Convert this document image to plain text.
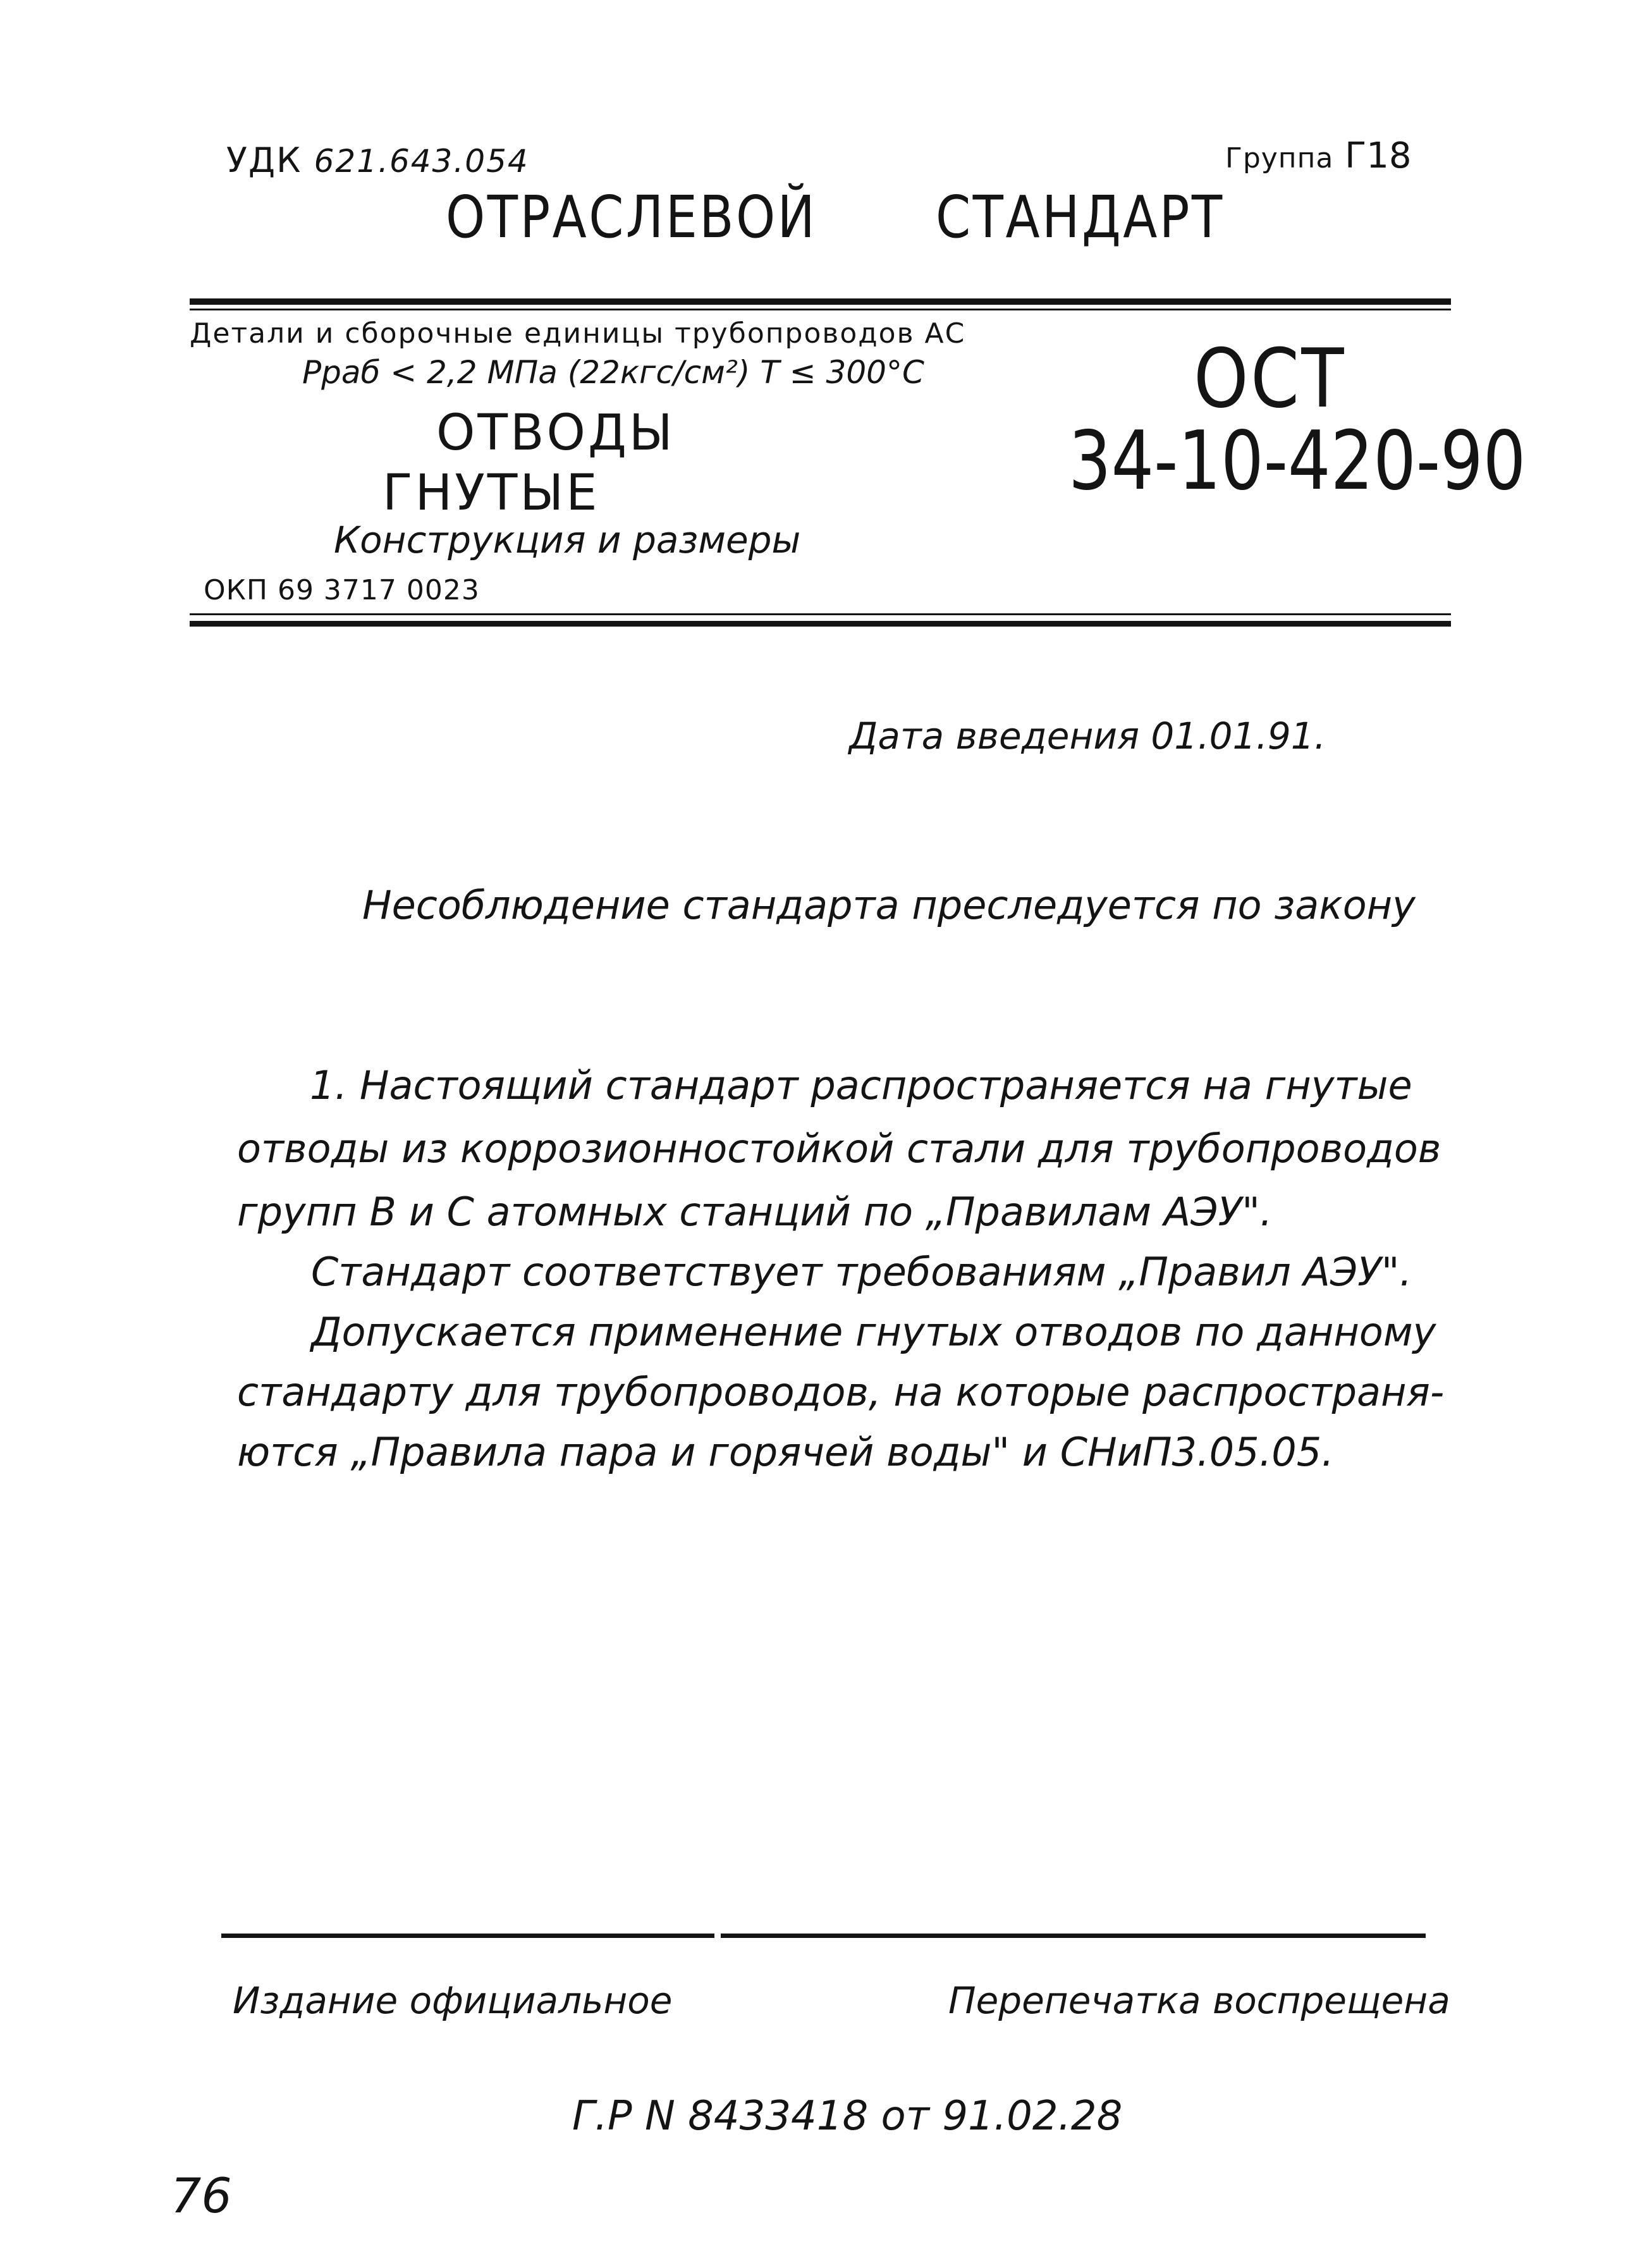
УДК 621.643.054	Группа Г18
ОТРАСЛЕВОЙ СТАНДАРТ
Детали и сборочные единицы трубопроводов АС
Рраб < 2,2 МПа (22кгс/см²) Т ≤ 300°С
ОТВОДЫ
ГНУТЫЕ
Конструкция и размеры
ОКП 69 3717 0023
ОСТ
34-10-420-90
Дата введения 01.01.91.
Несоблюдение стандарта преследуется по закону
1. Настоящий стандарт распространяется на гнутые
отводы из коррозионностойкой стали для трубопроводов
групп В и С атомных станций по „Правилам АЭУ".
Стандарт соответствует требованиям „Правил АЭУ".
Допускается применение гнутых отводов по данному
стандарту для трубопроводов, на которые распространя-
ются „Правила пара и горячей воды" и СНиП3.05.05.
Издание официальное	Перепечатка воспрещена
Г.Р N 8433418 от 91.02.28
76
